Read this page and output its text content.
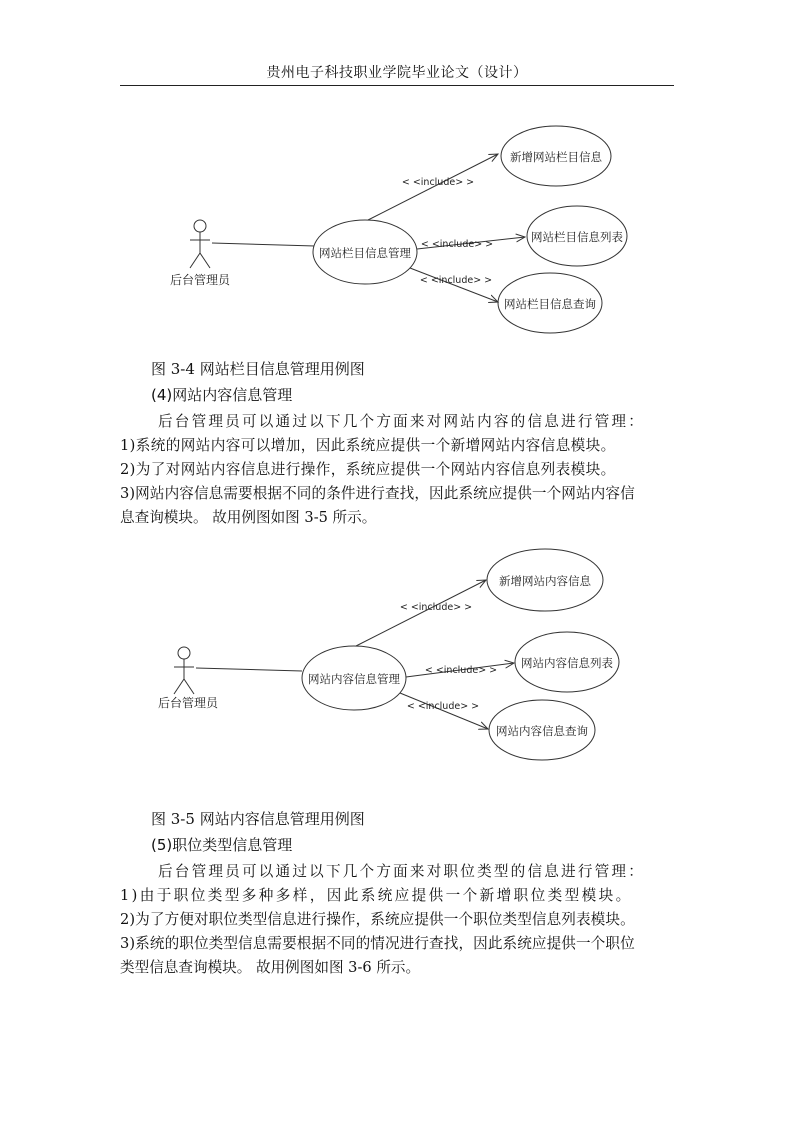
贵州电子科技职业学院毕业论文（设计）
后台管理员
网站栏目信息管理
新增网站栏目信息
网站栏目信息列表
网站栏目信息查询
< <include> >
< <include> >
< <include> >
图 3-4 网站栏目信息管理用例图
(4)网站内容信息管理

后台管理员可以通过以下几个方面来对网站内容的信息进行管理：

1)系统的网站内容可以增加，因此系统应提供一个新增网站内容信息模块。

2)为了对网站内容信息进行操作，系统应提供一个网站内容信息列表模块。

3)网站内容信息需要根据不同的条件进行查找，因此系统应提供一个网站内容信

息查询模块。 故用例图如图 3-5 所示。

后台管理员
网站内容信息管理
新增网站内容信息
网站内容信息列表
网站内容信息查询
< <include> >
< <include> >
< <include> >
图 3-5 网站内容信息管理用例图
(5)职位类型信息管理

后台管理员可以通过以下几个方面来对职位类型的信息进行管理：

1)由于职位类型多种多样，因此系统应提供一个新增职位类型模块。

2)为了方便对职位类型信息进行操作，系统应提供一个职位类型信息列表模块。

3)系统的职位类型信息需要根据不同的情况进行查找，因此系统应提供一个职位

类型信息查询模块。 故用例图如图 3-6 所示。
